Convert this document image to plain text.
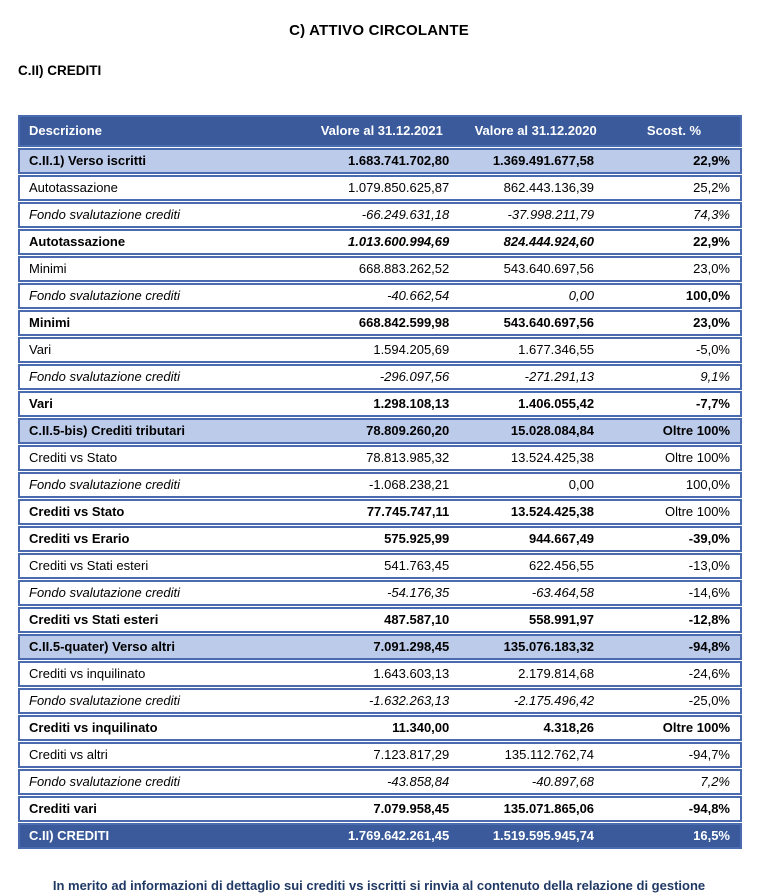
C) ATTIVO CIRCOLANTE
C.II) CREDITI
Descrizione	Valore al 31.12.2021	Valore al 31.12.2020	Scost. %
C.II.1) Verso iscritti	1.683.741.702,80	1.369.491.677,58	22,9%
Autotassazione	1.079.850.625,87	862.443.136,39	25,2%
Fondo svalutazione crediti	-66.249.631,18	-37.998.211,79	74,3%
Autotassazione	1.013.600.994,69	824.444.924,60	22,9%
Minimi	668.883.262,52	543.640.697,56	23,0%
Fondo svalutazione crediti	-40.662,54	0,00	100,0%
Minimi	668.842.599,98	543.640.697,56	23,0%
Vari	1.594.205,69	1.677.346,55	-5,0%
Fondo svalutazione crediti	-296.097,56	-271.291,13	9,1%
Vari	1.298.108,13	1.406.055,42	-7,7%
C.II.5-bis) Crediti tributari	78.809.260,20	15.028.084,84	Oltre 100%
Crediti vs Stato	78.813.985,32	13.524.425,38	Oltre 100%
Fondo svalutazione crediti	-1.068.238,21	0,00	100,0%
Crediti vs Stato	77.745.747,11	13.524.425,38	Oltre 100%
Crediti vs Erario	575.925,99	944.667,49	-39,0%
Crediti vs Stati esteri	541.763,45	622.456,55	-13,0%
Fondo svalutazione crediti	-54.176,35	-63.464,58	-14,6%
Crediti vs Stati esteri	487.587,10	558.991,97	-12,8%
C.II.5-quater) Verso altri	7.091.298,45	135.076.183,32	-94,8%
Crediti vs inquilinato	1.643.603,13	2.179.814,68	-24,6%
Fondo svalutazione crediti	-1.632.263,13	-2.175.496,42	-25,0%
Crediti vs inquilinato	11.340,00	4.318,26	Oltre 100%
Crediti vs altri	7.123.817,29	135.112.762,74	-94,7%
Fondo svalutazione crediti	-43.858,84	-40.897,68	7,2%
Crediti vari	7.079.958,45	135.071.865,06	-94,8%
C.II) CREDITI	1.769.642.261,45	1.519.595.945,74	16,5%
In merito ad informazioni di dettaglio sui crediti vs iscritti si rinvia al contenuto della relazione di gestione
